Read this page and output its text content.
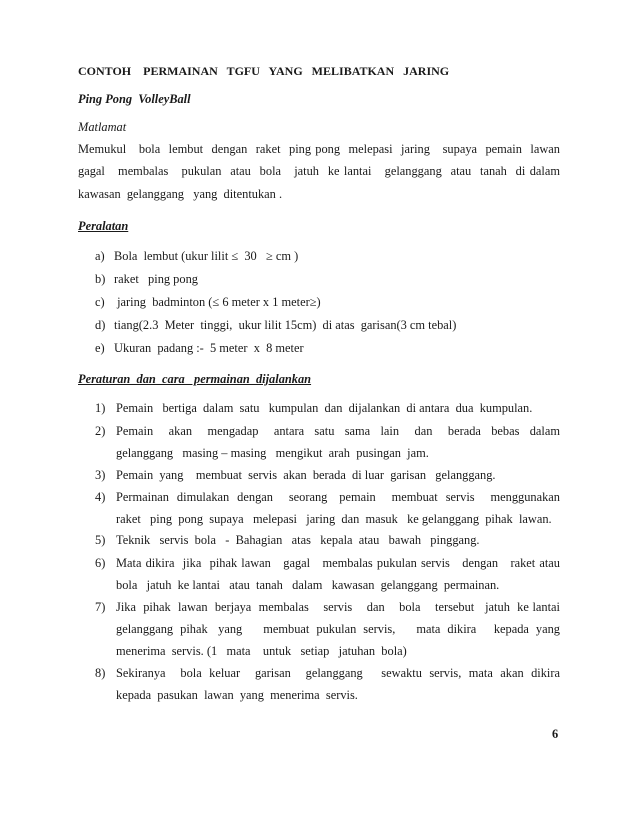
CONTOH    PERMAINAN   TGFU   YANG   MELIBATKAN   JARING
Ping Pong  VolleyBall
Matlamat
Memukul   bola  lembut  dengan  raket  ping pong  melepasi  jaring   supaya  pemain  lawan
gagal   membalas   pukulan  atau  bola   jatuh  ke lantai   gelanggang  atau  tanah  di dalam
kawasan  gelanggang   yang  ditentukan .
Peralatan
a) Bola  lembut (ukur lilit ≤  30   ≥ cm )
b) raket   ping pong
c) jaring  badminton (≤ 6 meter x 1 meter≥)
d) tiang(2.3  Meter  tinggi,  ukur lilit 15cm)  di atas  garisan(3 cm tebal)
e) Ukuran  padang :-  5 meter  x  8 meter
Peraturan  dan  cara   permainan  dijalankan
1) Pemain   bertiga  dalam  satu   kumpulan  dan  dijalankan  di antara  dua  kumpulan.
2) Pemain   akan   mengadap   antara  satu  sama  lain   dan   berada  bebas  dalam
gelanggang   masing – masing   mengikut  arah  pusingan  jam.
3) Pemain  yang    membuat  servis  akan  berada  di luar  garisan   gelanggang.
4) Permainan  dimulakan  dengan    seorang   pemain    membuat  servis    menggunakan
raket   ping  pong  supaya   melepasi   jaring  dan  masuk   ke gelanggang  pihak  lawan.
5) Teknik   servis  bola   -  Bahagian   atas   kepala  atau   bawah   pinggang.
6) Mata dikira  jika  pihak lawan   gagal   membalas pukulan servis   dengan   raket atau
bola   jatuh  ke lantai   atau  tanah   dalam   kawasan  gelanggang  permainan.
7) Jika  pihak  lawan  berjaya  membalas    servis    dan    bola    tersebut   jatuh  ke lantai
gelanggang  pihak   yang      membuat  pukulan  servis,      mata  dikira     kepada  yang
menerima  servis. (1   mata    untuk   setiap   jatuhan  bola)
8) Sekiranya    bola  keluar    garisan    gelanggang     sewaktu  servis,  mata  akan  dikira
kepada  pasukan  lawan  yang  menerima  servis.
6
